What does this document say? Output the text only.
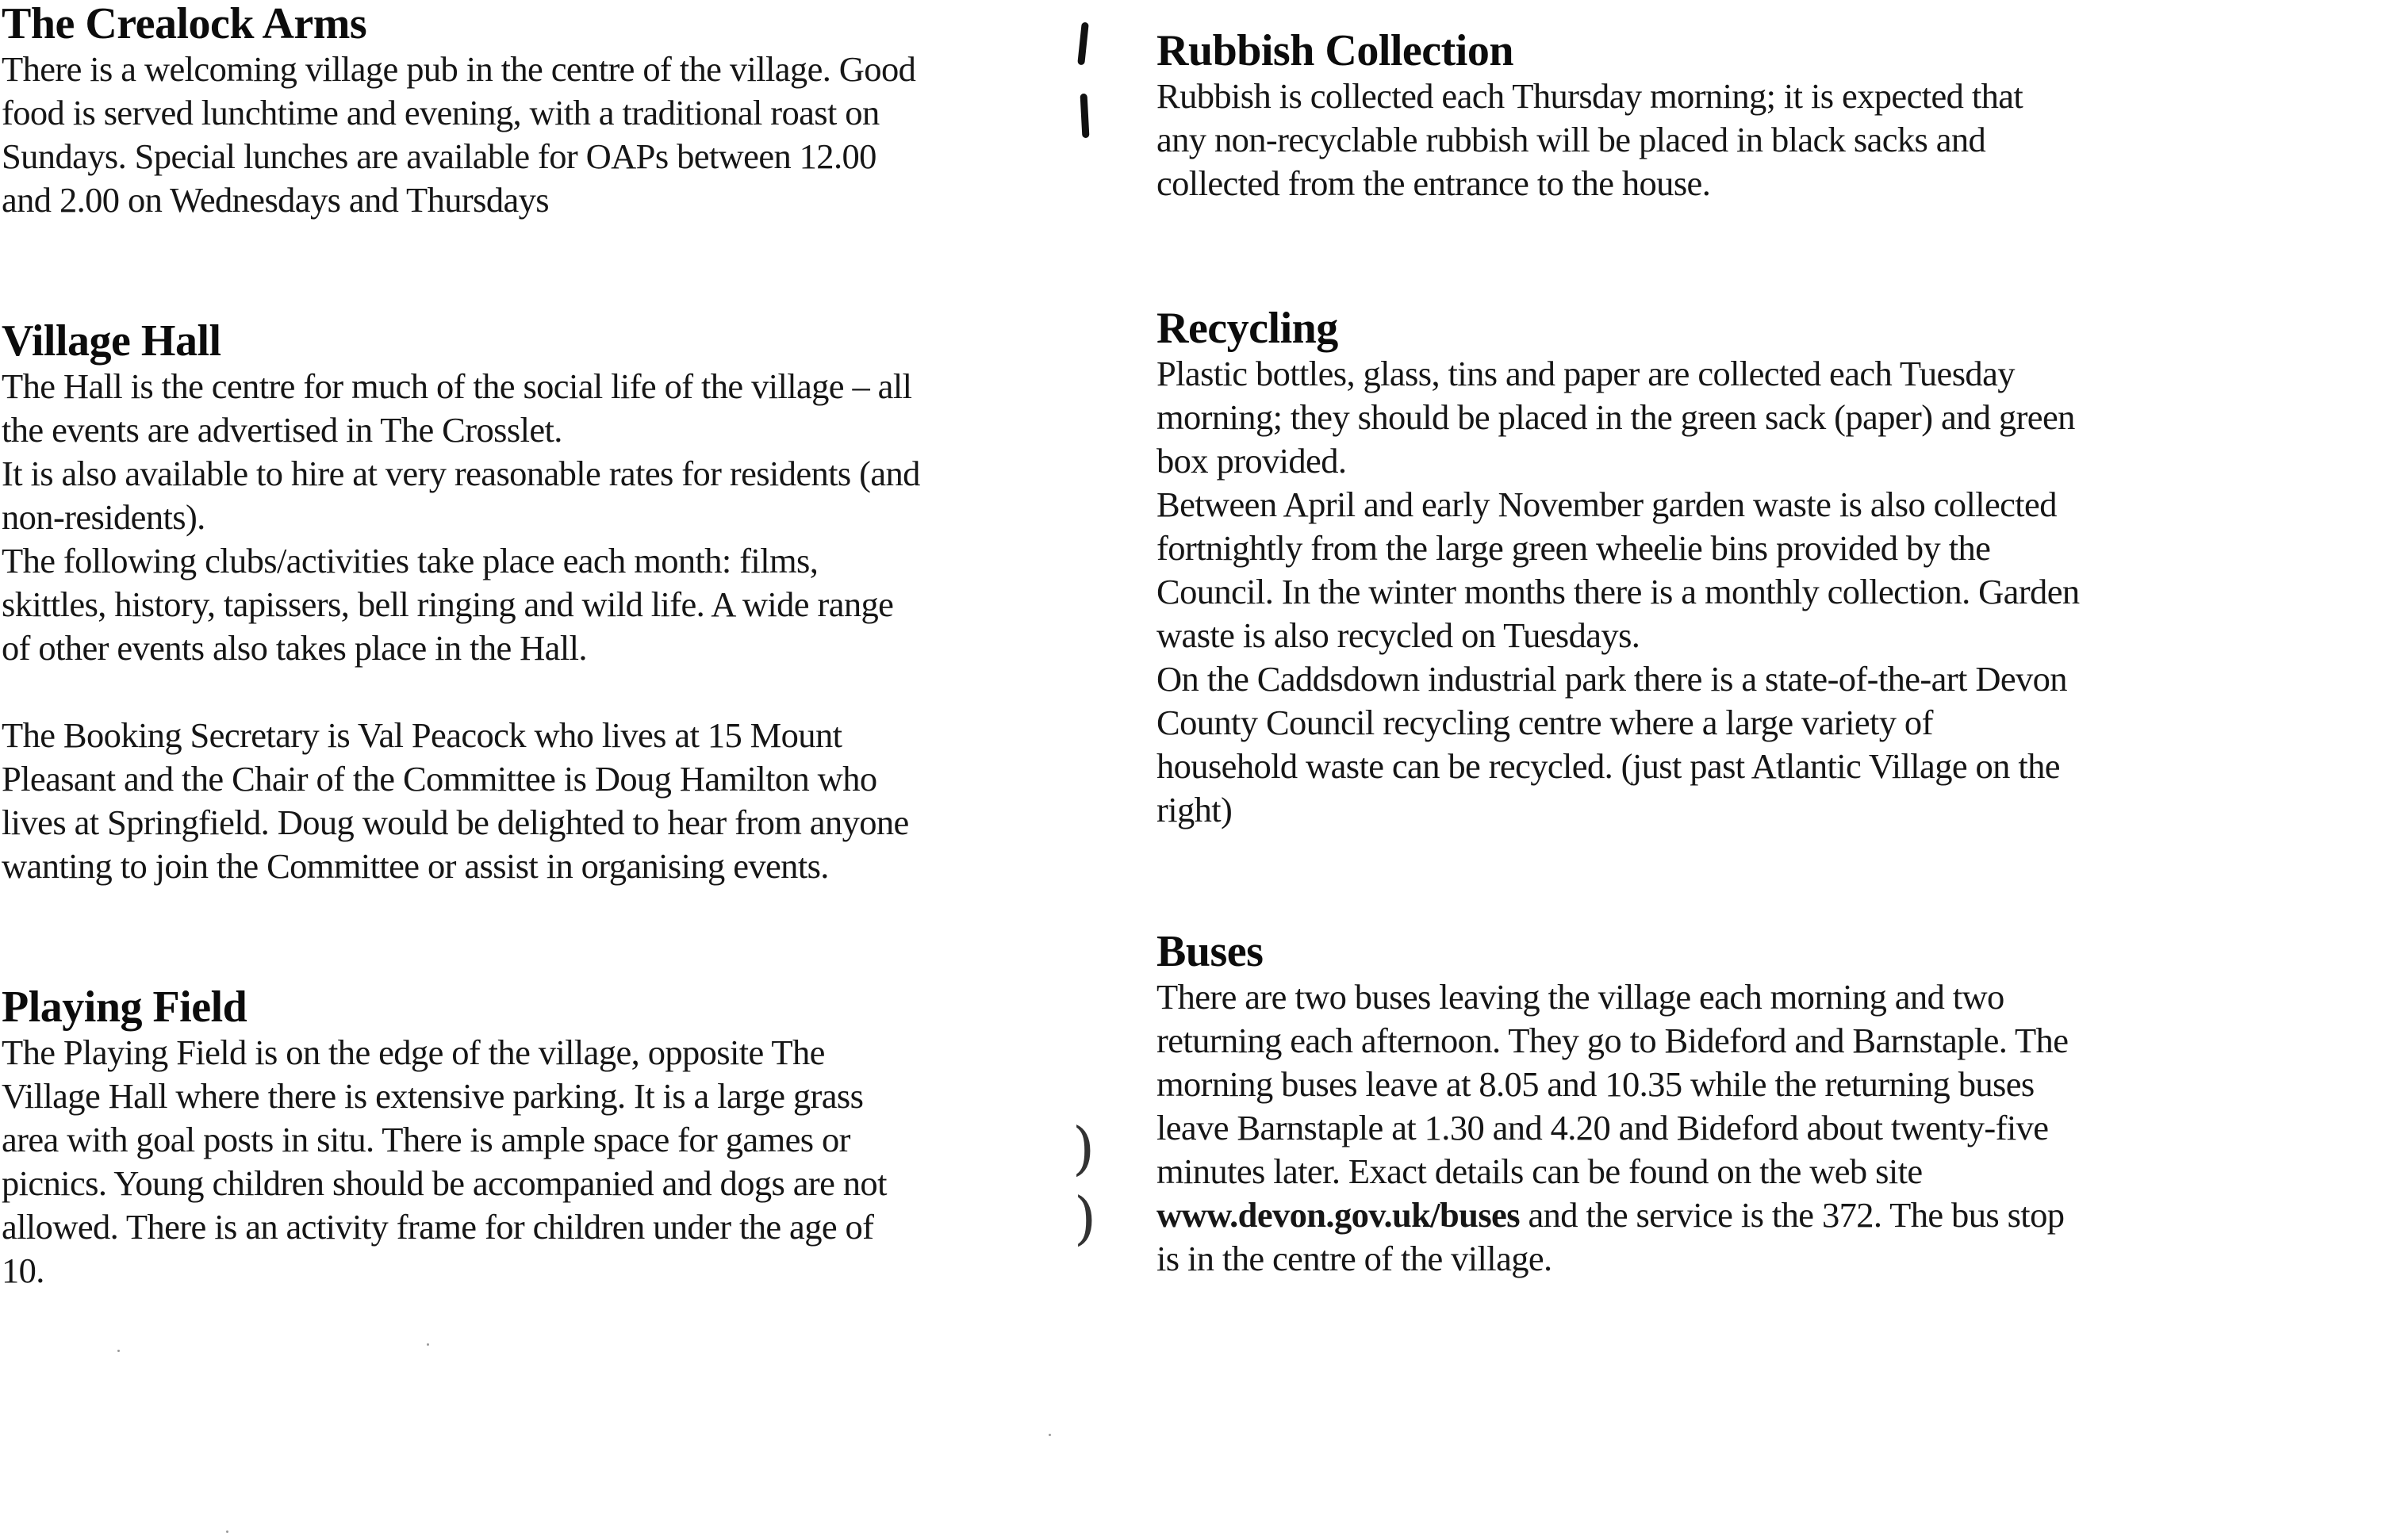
The Crealock Arms

There is a welcoming village pub in the centre of the village. Good
food is served lunchtime and evening, with a traditional roast on
Sundays. Special lunches are available for OAPs between 12.00
and 2.00 on Wednesdays and Thursdays

Village Hall

The Hall is the centre for much of the social life of the village – all
the events are advertised in The Crosslet.
It is also available to hire at very reasonable rates for residents (and
non-residents).
The following clubs/activities take place each month: films,
skittles, history, tapissers, bell ringing and wild life. A wide range
of other events also takes place in the Hall.

The Booking Secretary is Val Peacock who lives at 15 Mount
Pleasant and the Chair of the Committee is Doug Hamilton who
lives at Springfield. Doug would be delighted to hear from anyone
wanting to join the Committee or assist in organising events.

Playing Field

The Playing Field is on the edge of the village, opposite The
Village Hall where there is extensive parking. It is a large grass
area with goal posts in situ. There is ample space for games or
picnics. Young children should be accompanied and dogs are not
allowed. There is an activity frame for children under the age of
10.

Rubbish Collection

Rubbish is collected each Thursday morning; it is expected that
any non-recyclable rubbish will be placed in black sacks and
collected from the entrance to the house.

Recycling

Plastic bottles, glass, tins and paper are collected each Tuesday
morning; they should be placed in the green sack (paper) and green
box provided.
Between April and early November garden waste is also collected
fortnightly from the large green wheelie bins provided by the
Council. In the winter months there is a monthly collection. Garden
waste is also recycled on Tuesdays.
On the Caddsdown industrial park there is a state-of-the-art Devon
County Council recycling centre where a large variety of
household waste can be recycled. (just past Atlantic Village on the
right)

Buses

There are two buses leaving the village each morning and two
returning each afternoon. They go to Bideford and Barnstaple. The
morning buses leave at 8.05 and 10.35 while the returning buses
leave Barnstaple at 1.30 and 4.20 and Bideford about twenty-five
minutes later. Exact details can be found on the web site
www.devon.gov.uk/buses and the service is the 372. The bus stop
is in the centre of the village.

)
)
